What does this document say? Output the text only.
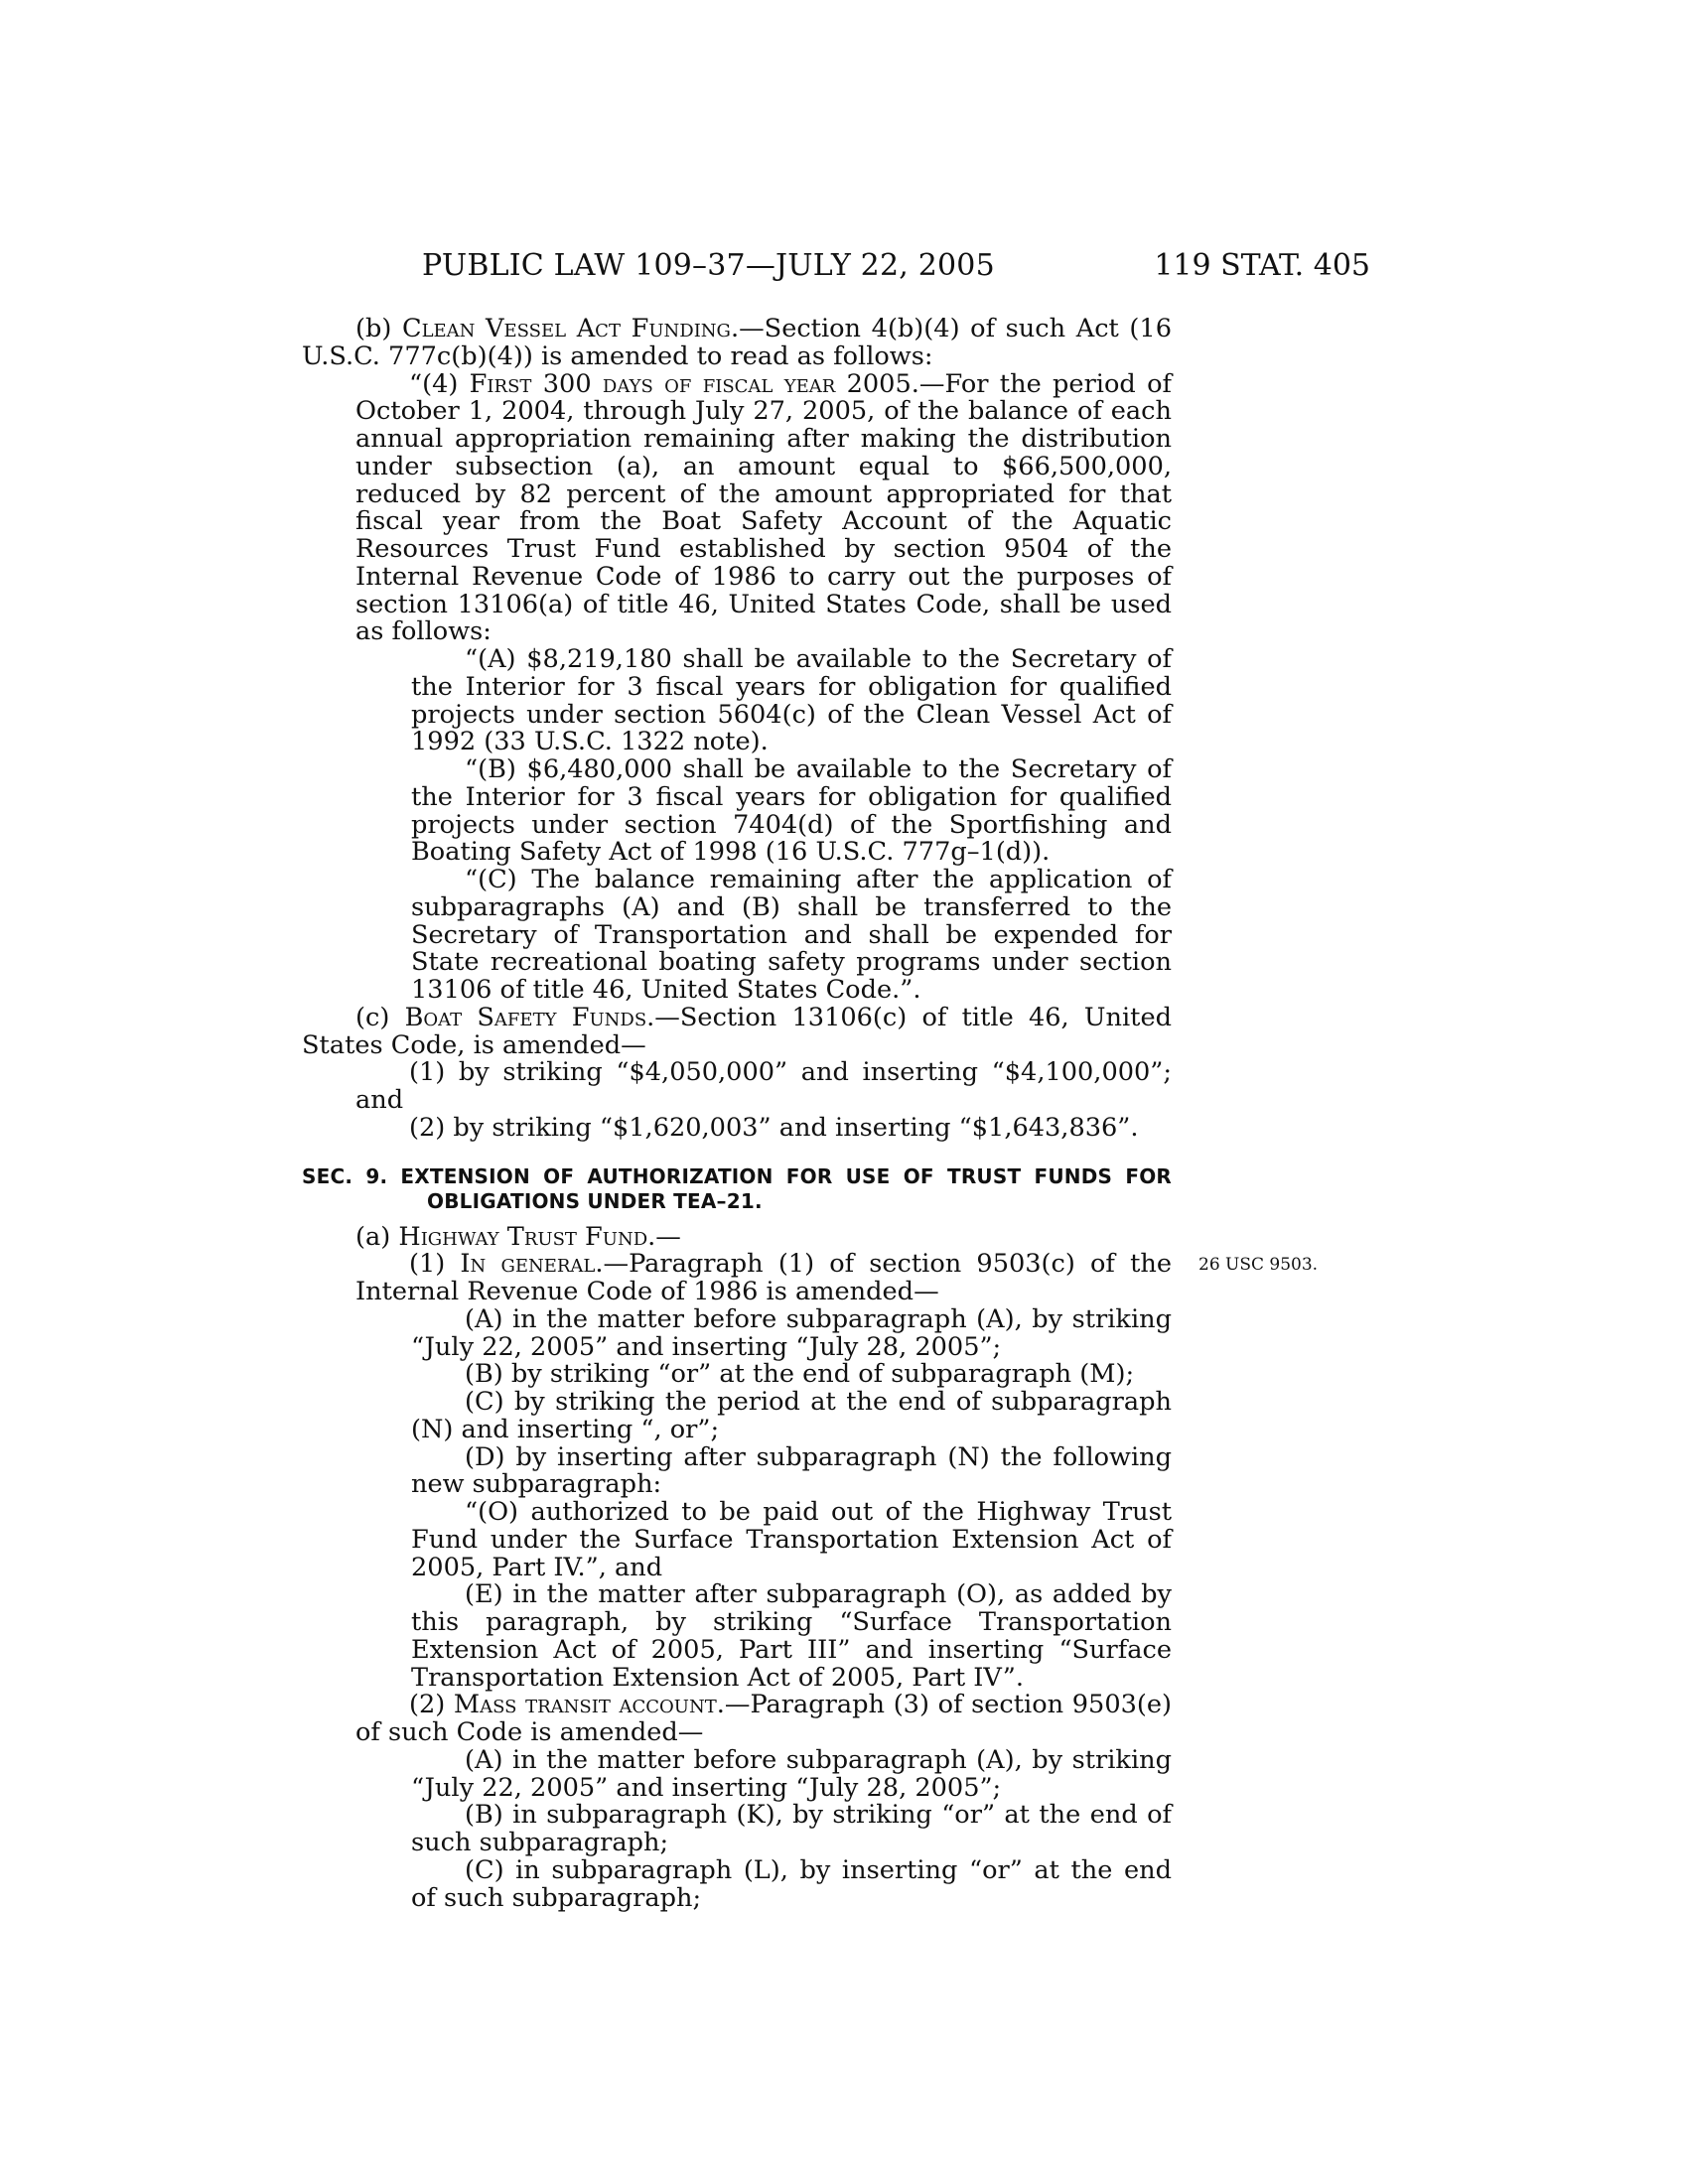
PUBLIC LAW 109–37—JULY 22, 2005	119 STAT. 405
26 USC 9503.

(b) Clean Vessel Act Funding.—Section 4(b)(4) of such Act (16 U.S.C. 777c(b)(4)) is amended to read as follows:

“(4) First 300 days of fiscal year 2005.—For the period of October 1, 2004, through July 27, 2005, of the balance of each annual appropriation remaining after making the distribution under subsection (a), an amount equal to $66,500,000, reduced by 82 percent of the amount appropriated for that fiscal year from the Boat Safety Account of the Aquatic Resources Trust Fund established by section 9504 of the Internal Revenue Code of 1986 to carry out the purposes of section 13106(a) of title 46, United States Code, shall be used as follows:

“(A) $8,219,180 shall be available to the Secretary of the Interior for 3 fiscal years for obligation for qualified projects under section 5604(c) of the Clean Vessel Act of 1992 (33 U.S.C. 1322 note).

“(B) $6,480,000 shall be available to the Secretary of the Interior for 3 fiscal years for obligation for qualified projects under section 7404(d) of the Sportfishing and Boating Safety Act of 1998 (16 U.S.C. 777g–1(d)).

“(C) The balance remaining after the application of subparagraphs (A) and (B) shall be transferred to the Secretary of Transportation and shall be expended for State recreational boating safety programs under section 13106 of title 46, United States Code.”.

(c) Boat Safety Funds.—Section 13106(c) of title 46, United States Code, is amended—

(1) by striking “$4,050,000” and inserting “$4,100,000”; and

(2) by striking “$1,620,003” and inserting “$1,643,836”.

SEC. 9. EXTENSION OF AUTHORIZATION FOR USE OF TRUST FUNDS FOR OBLIGATIONS UNDER TEA–21.

(a) Highway Trust Fund.—

(1) In general.—Paragraph (1) of section 9503(c) of the Internal Revenue Code of 1986 is amended—

(A) in the matter before subparagraph (A), by striking “July 22, 2005” and inserting “July 28, 2005”;

(B) by striking “or” at the end of subparagraph (M);

(C) by striking the period at the end of subparagraph (N) and inserting “, or”;

(D) by inserting after subparagraph (N) the following new subparagraph:

“(O) authorized to be paid out of the Highway Trust Fund under the Surface Transportation Extension Act of 2005, Part IV.”, and

(E) in the matter after subparagraph (O), as added by this paragraph, by striking “Surface Transportation Extension Act of 2005, Part III” and inserting “Surface Transportation Extension Act of 2005, Part IV”.

(2) Mass transit account.—Paragraph (3) of section 9503(e) of such Code is amended—

(A) in the matter before subparagraph (A), by striking “July 22, 2005” and inserting “July 28, 2005”;

(B) in subparagraph (K), by striking “or” at the end of such subparagraph;

(C) in subparagraph (L), by inserting “or” at the end of such subparagraph;
